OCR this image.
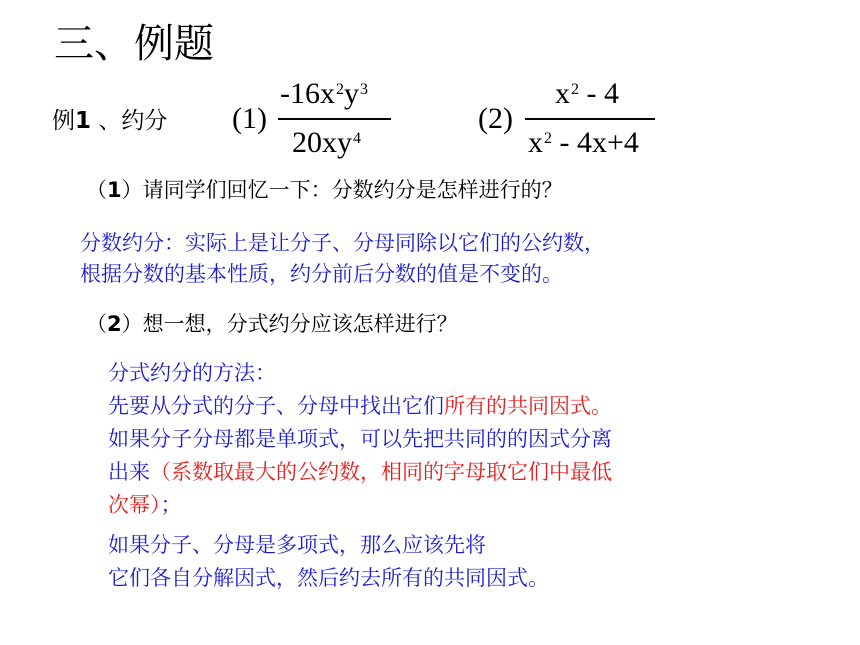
三、例题
例1 、约分 (1)
$-16x^2y^3$
$20xy^4$
(2)
$x^2 - 4$
$x^2 - 4x+4$
（1）请同学们回忆一下：分数约分是怎样进行的？
分数约分：实际上是让分子、分母同除以它们的公约数，
根据分数的基本性质，约分前后分数的值是不变的。
（2）想一想，分式约分应该怎样进行？
分式约分的方法：
先要从分式的分子、分母中找出它们所有的共同因式。
如果分子分母都是单项式，可以先把共同的的因式分离
出来（系数取最大的公约数，相同的字母取它们中最低
次幂）；
如果分子、分母是多项式，那么应该先将
它们各自分解因式，然后约去所有的共同因式。
